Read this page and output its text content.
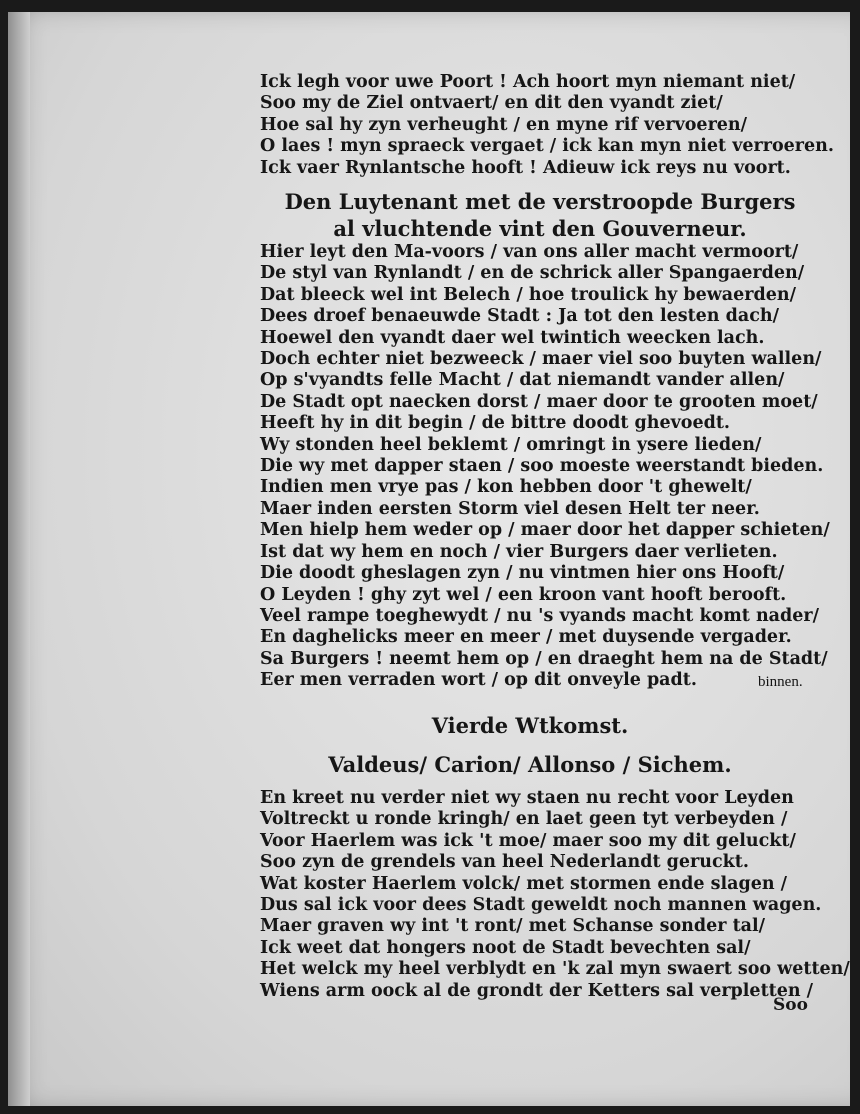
Ick legh voor uwe Poort ! Ach hoort myn niemant niet/
Soo my de Ziel ontvaert/ en dit den vyandt ziet/
Hoe sal hy zyn verheught / en myne rif vervoeren/
O laes ! myn spraeck vergaet / ick kan myn niet verroeren.
Ick vaer Rynlantsche hooft ! Adieuw ick reys nu voort.
Den Luytenant met de verstroopde Burgers
al vluchtende vint den Gouverneur.
Hier leyt den Ma-voors / van ons aller macht vermoort/
De styl van Rynlandt / en de schrick aller Spangaerden/
Dat bleeck wel int Belech / hoe troulick hy bewaerden/
Dees droef benaeuwde Stadt : Ja tot den lesten dach/
Hoewel den vyandt daer wel twintich weecken lach.
Doch echter niet bezweeck / maer viel soo buyten wallen/
Op s'vyandts felle Macht / dat niemandt vander allen/
De Stadt opt naecken dorst / maer door te grooten moet/
Heeft hy in dit begin / de bittre doodt ghevoedt.
Wy stonden heel beklemt / omringt in ysere lieden/
Die wy met dapper staen / soo moeste weerstandt bieden.
Indien men vrye pas / kon hebben door 't ghewelt/
Maer inden eersten Storm viel desen Helt ter neer.
Men hielp hem weder op / maer door het dapper schieten/
Ist dat wy hem en noch / vier Burgers daer verlieten.
Die doodt gheslagen zyn / nu vintmen hier ons Hooft/
O Leyden ! ghy zyt wel / een kroon vant hooft berooft.
Veel rampe toeghewydt / nu 's vyands macht komt nader/
En daghelicks meer en meer / met duysende vergader.
Sa Burgers ! neemt hem op / en draeght hem na de Stadt/
Eer men verraden wort / op dit onveyle padt.	binnen.
Vierde Wtkomst.
Valdeus/ Carion/ Allonso / Sichem.
En kreet nu verder niet wy staen nu recht voor Leyden
Voltreckt u ronde kringh/ en laet geen tyt verbeyden /
Voor Haerlem was ick 't moe/ maer soo my dit geluckt/
Soo zyn de grendels van heel Nederlandt geruckt.
Wat koster Haerlem volck/ met stormen ende slagen /
Dus sal ick voor dees Stadt geweldt noch mannen wagen.
Maer graven wy int 't ront/ met Schanse sonder tal/
Ick weet dat hongers noot de Stadt bevechten sal/
Het welck my heel verblydt en 'k zal myn swaert soo wetten/
Wiens arm oock al de grondt der Ketters sal verpletten /
Soo
